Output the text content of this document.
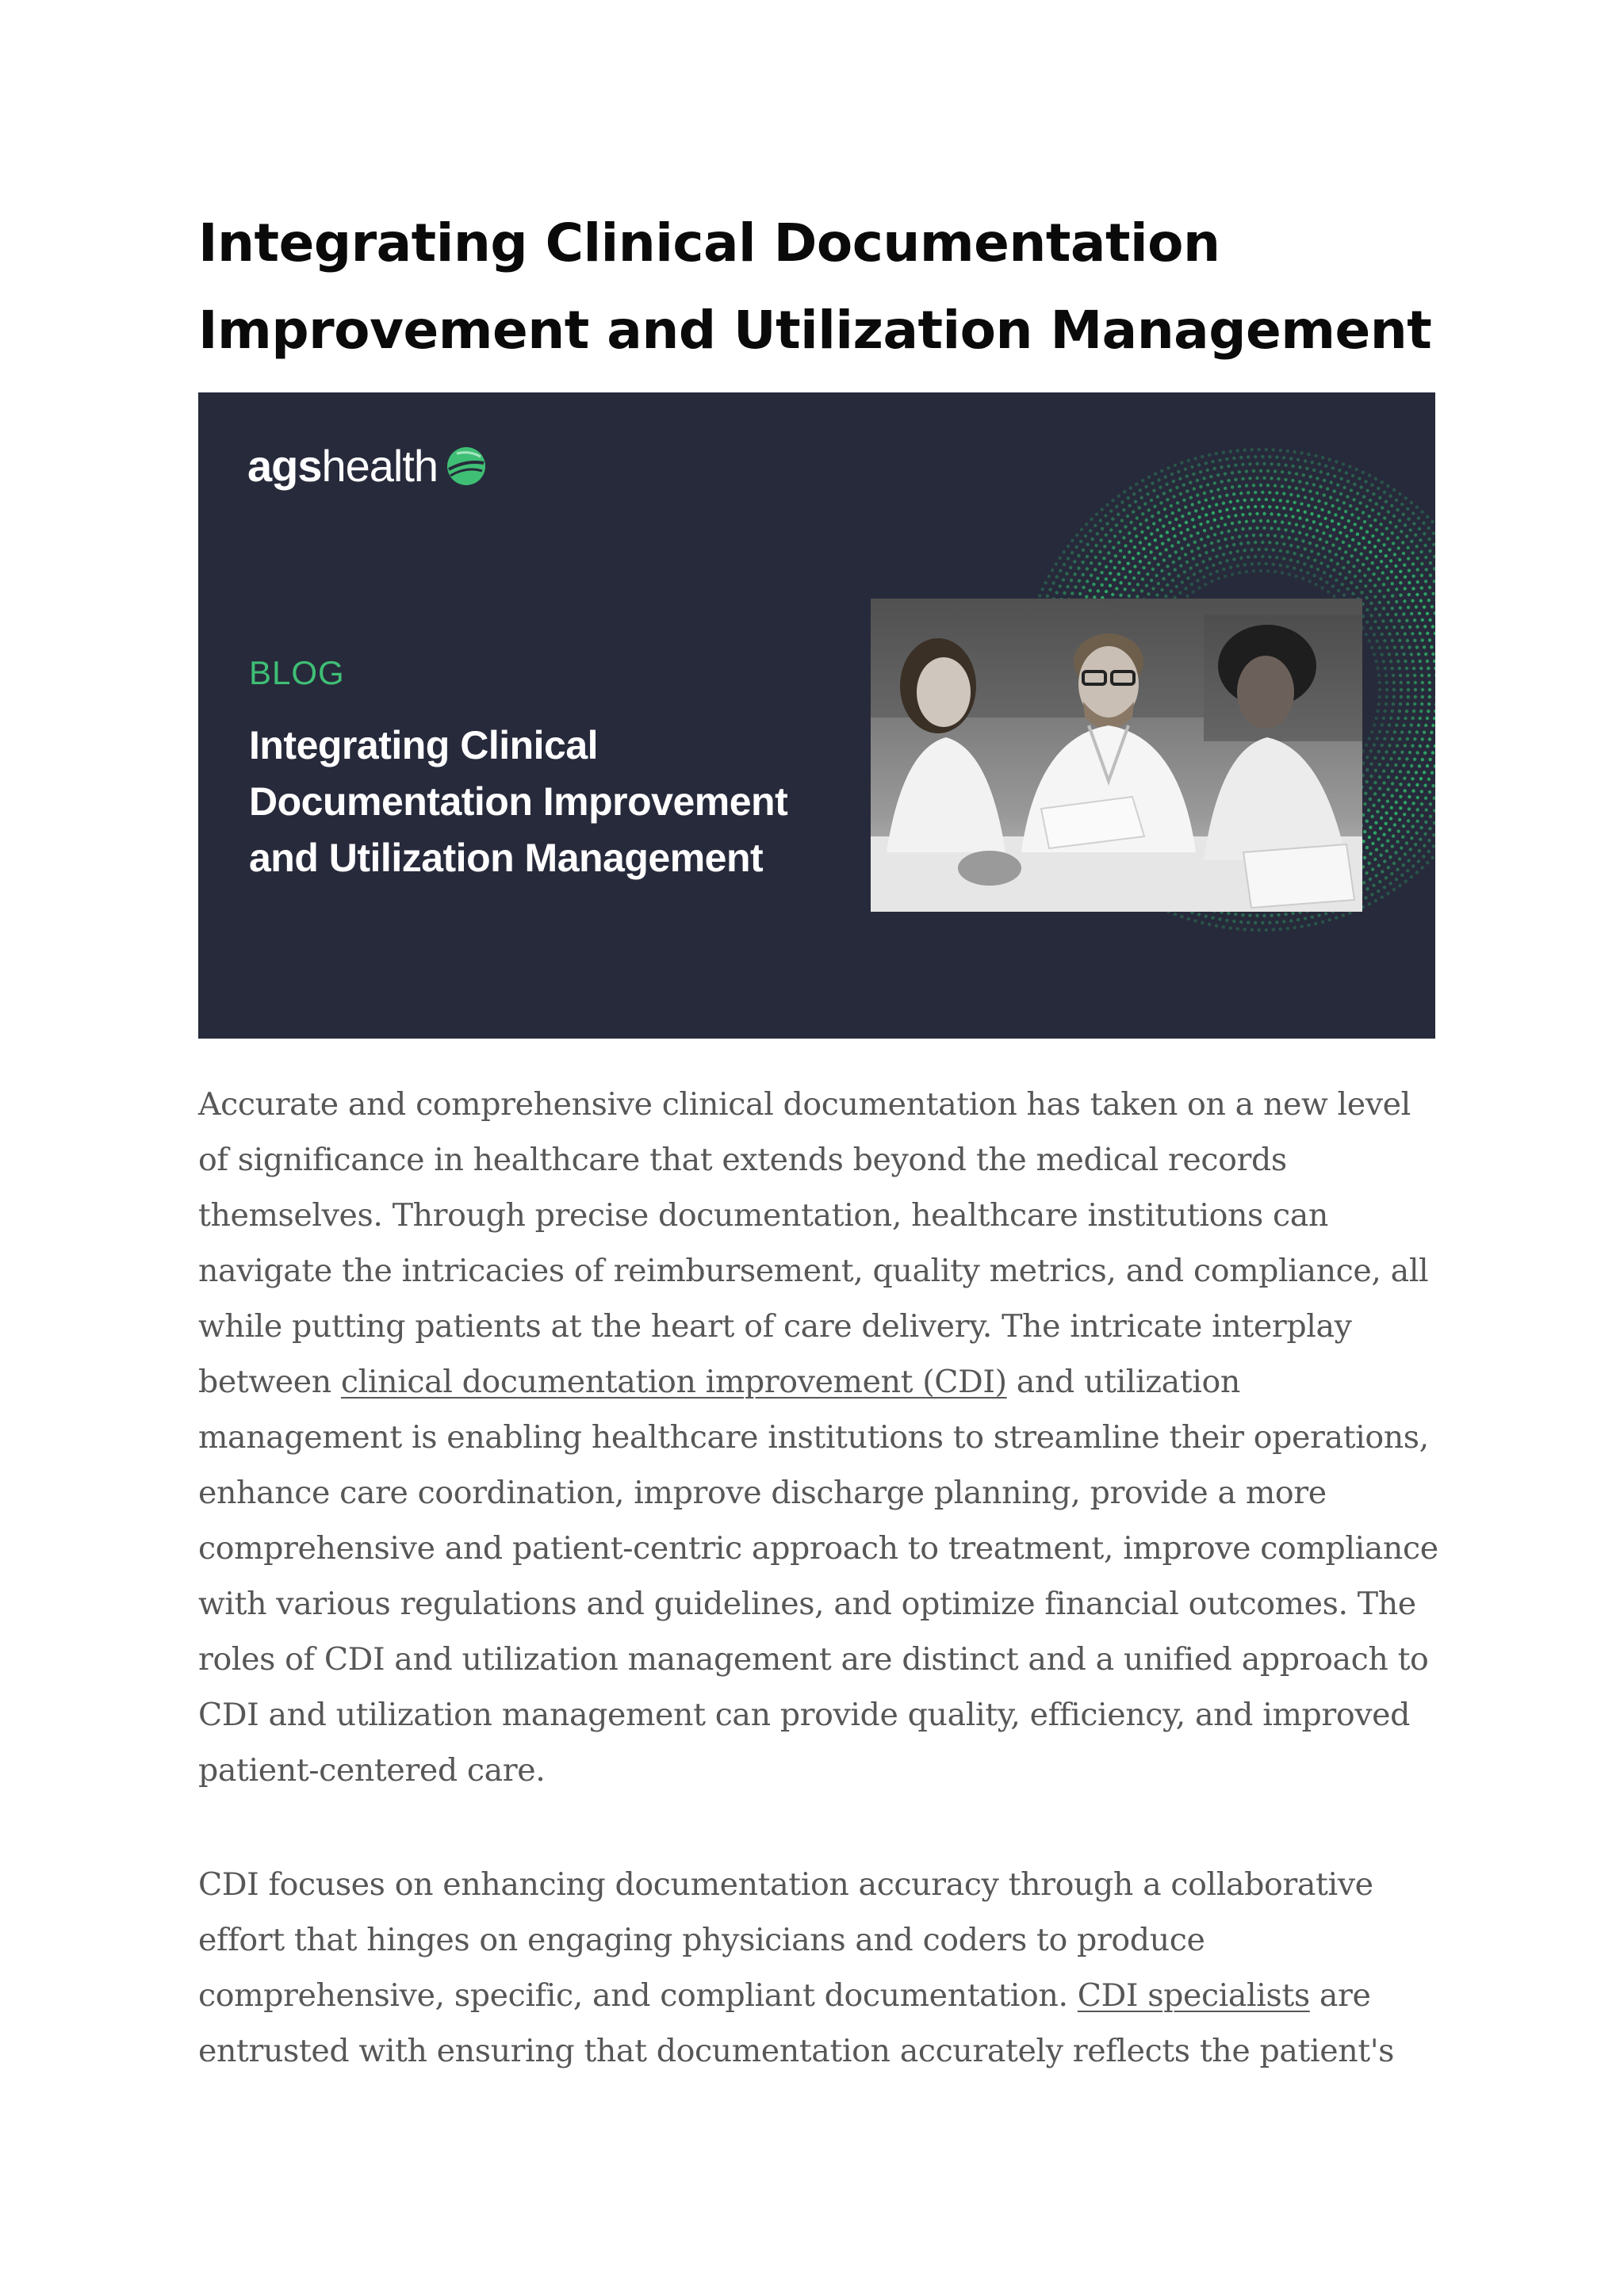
Integrating Clinical Documentation Improvement and Utilization Management
ags health
BLOG
Integrating Clinical
Documentation Improvement
and Utilization Management

Accurate and comprehensive clinical documentation has taken on a new level of significance in healthcare that extends beyond the medical records themselves. Through precise documentation, healthcare institutions can navigate the intricacies of reimbursement, quality metrics, and compliance, all while putting patients at the heart of care delivery. The intricate interplay between clinical documentation improvement (CDI) and utilization management is enabling healthcare institutions to streamline their operations, enhance care coordination, improve discharge planning, provide a more comprehensive and patient-centric approach to treatment, improve compliance with various regulations and guidelines, and optimize financial outcomes. The roles of CDI and utilization management are distinct and a unified approach to CDI and utilization management can provide quality, efficiency, and improved patient-centered care.

CDI focuses on enhancing documentation accuracy through a collaborative effort that hinges on engaging physicians and coders to produce comprehensive, specific, and compliant documentation. CDI specialists are entrusted with ensuring that documentation accurately reflects the patient's
